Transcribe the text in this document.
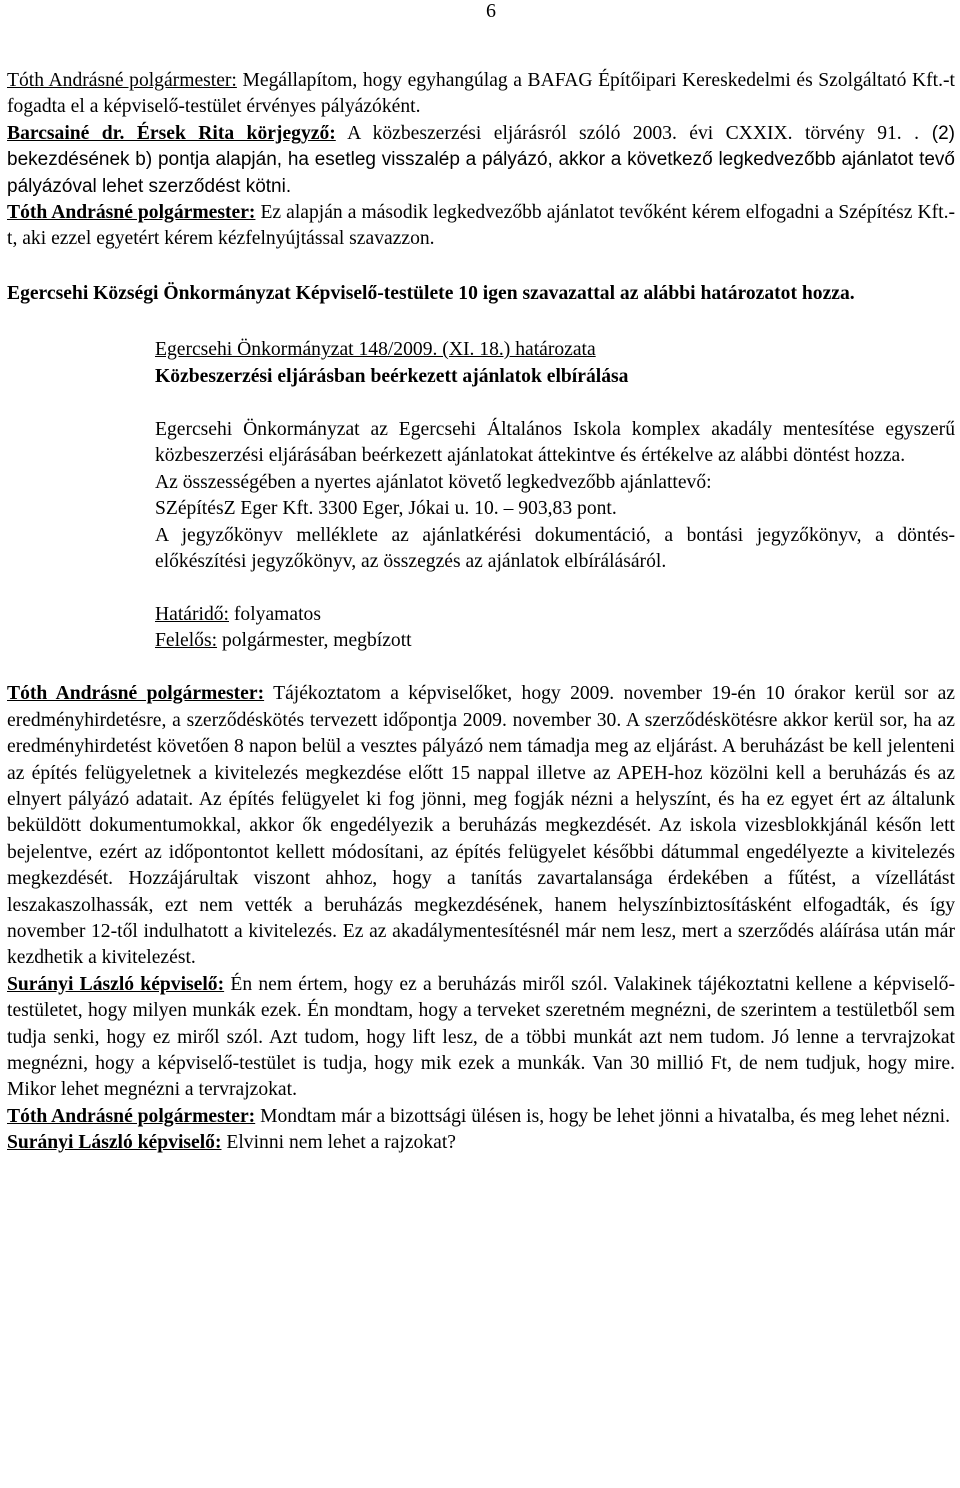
6

Tóth Andrásné polgármester: Megállapítom, hogy egyhangúlag a BAFAG Építőipari Kereskedelmi és Szolgáltató Kft.-t fogadta el a képviselő-testület érvényes pályázóként.

Barcsainé dr. Érsek Rita körjegyző: A közbeszerzési eljárásról szóló 2003. évi CXXIX. törvény 91. . (2) bekezdésének b) pontja alapján, ha esetleg visszalép a pályázó, akkor a következő legkedvezőbb ajánlatot tevő pályázóval lehet szerződést kötni.

Tóth Andrásné polgármester: Ez alapján a második legkedvezőbb ajánlatot tevőként kérem elfogadni a Szépítész Kft.-t, aki ezzel egyetért kérem kézfelnyújtással szavazzon.

Egercsehi Községi Önkormányzat Képviselő-testülete 10 igen szavazattal az alábbi határozatot hozza.

Egercsehi Önkormányzat 148/2009. (XI. 18.) határozata

Közbeszerzési eljárásban beérkezett ajánlatok elbírálása

Egercsehi Önkormányzat az Egercsehi Általános Iskola komplex akadály mentesítése egyszerű közbeszerzési eljárásában beérkezett ajánlatokat áttekintve és értékelve az alábbi döntést hozza.

Az összességében a nyertes ajánlatot követő legkedvezőbb ajánlattevő:

SZépítésZ Eger Kft. 3300 Eger, Jókai u. 10. – 903,83 pont.

A jegyzőkönyv melléklete az ajánlatkérési dokumentáció, a bontási jegyzőkönyv, a döntés-előkészítési jegyzőkönyv, az összegzés az ajánlatok elbírálásáról.

Határidő: folyamatos

Felelős: polgármester, megbízott

Tóth Andrásné polgármester: Tájékoztatom a képviselőket, hogy 2009. november 19-én 10 órakor kerül sor az eredményhirdetésre, a szerződéskötés tervezett időpontja 2009. november 30. A szerződéskötésre akkor kerül sor, ha az eredményhirdetést követően 8 napon belül a vesztes pályázó nem támadja meg az eljárást. A beruházást be kell jelenteni az építés felügyeletnek a kivitelezés megkezdése előtt 15 nappal illetve az APEH-hoz közölni kell a beruházás és az elnyert pályázó adatait. Az építés felügyelet ki fog jönni, meg fogják nézni a helyszínt, és ha ez egyet ért az általunk beküldött dokumentumokkal, akkor ők engedélyezik a beruházás megkezdését. Az iskola vizesblokkjánál későn lett bejelentve, ezért az időpontontot kellett módosítani, az építés felügyelet későbbi dátummal engedélyezte a kivitelezés megkezdését. Hozzájárultak viszont ahhoz, hogy a tanítás zavartalansága érdekében a fűtést, a vízellátást leszakaszolhassák, ezt nem vették a beruházás megkezdésének, hanem helyszínbiztosításként elfogadták, és így november 12-től indulhatott a kivitelezés. Ez az akadálymentesítésnél már nem lesz, mert a szerződés aláírása után már kezdhetik a kivitelezést.

Surányi László képviselő: Én nem értem, hogy ez a beruházás miről szól. Valakinek tájékoztatni kellene a képviselő-testületet, hogy milyen munkák ezek. Én mondtam, hogy a terveket szeretném megnézni, de szerintem a testületből sem tudja senki, hogy ez miről szól. Azt tudom, hogy lift lesz, de a többi munkát azt nem tudom. Jó lenne a tervrajzokat megnézni, hogy a képviselő-testület is tudja, hogy mik ezek a munkák. Van 30 millió Ft, de nem tudjuk, hogy mire. Mikor lehet megnézni a tervrajzokat.

Tóth Andrásné polgármester: Mondtam már a bizottsági ülésen is, hogy be lehet jönni a hivatalba, és meg lehet nézni.

Surányi László képviselő: Elvinni nem lehet a rajzokat?
